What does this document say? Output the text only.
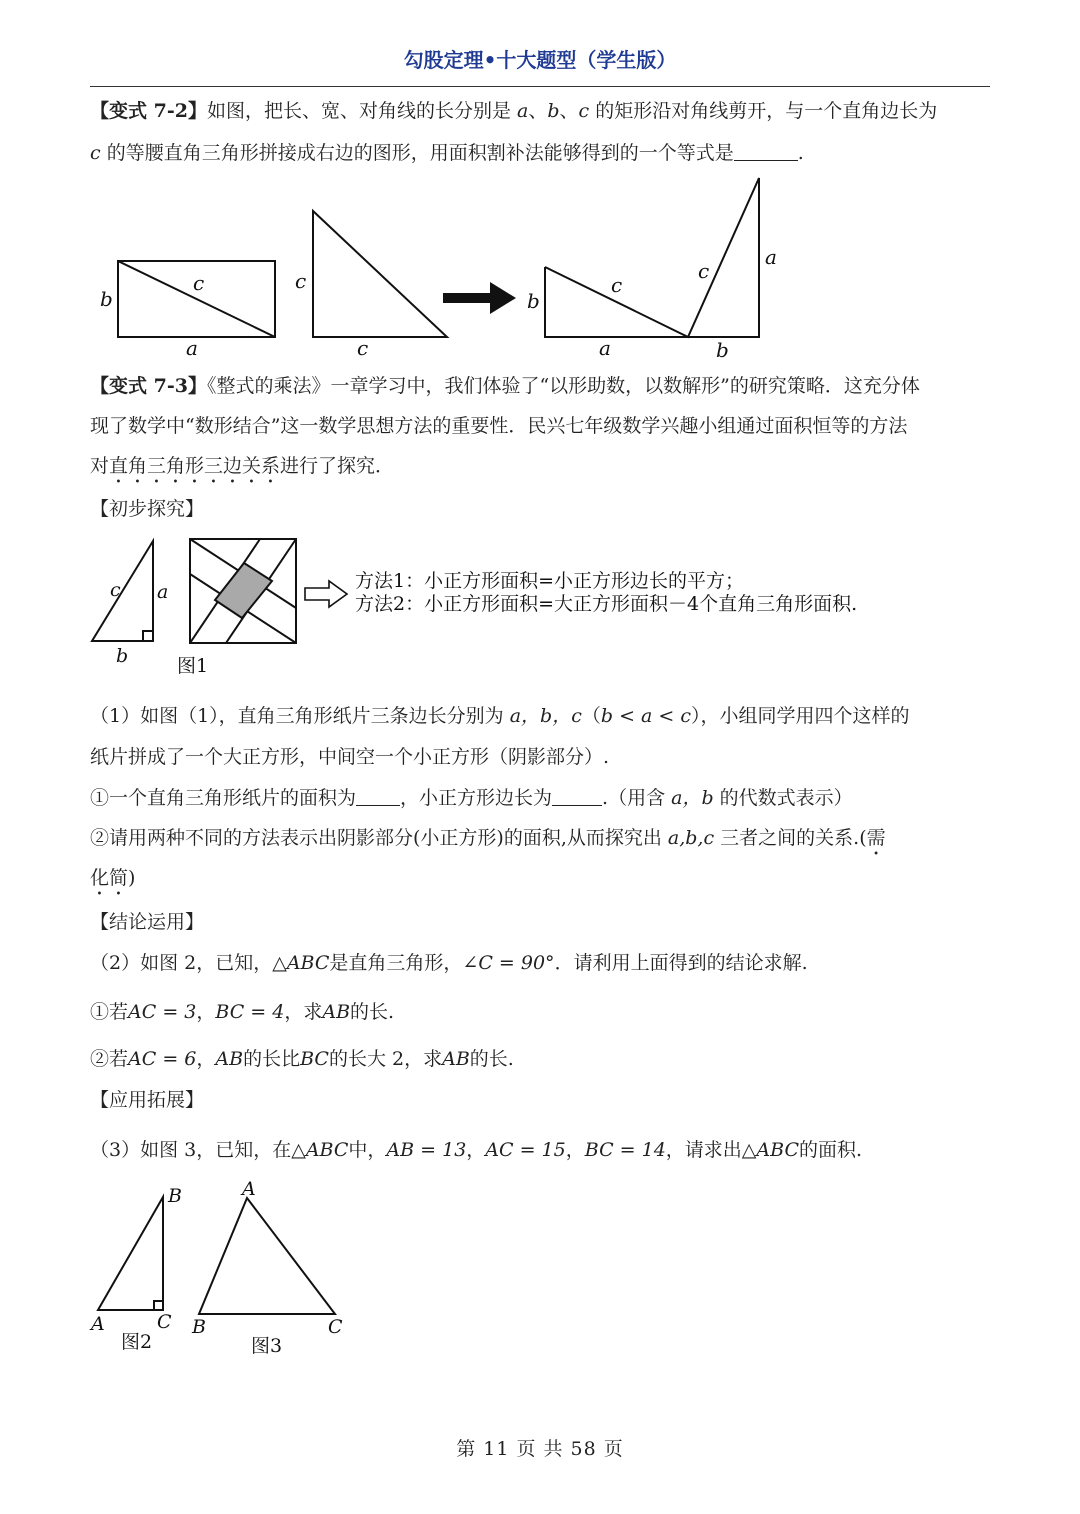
勾股定理•十大题型（学生版）
【变式 7-2】如图，把长、宽、对角线的长分别是 a、b、c 的矩形沿对角线剪开，与一个直角边长为
c 的等腰直角三角形拼接成右边的图形，用面积割补法能够得到的一个等式是	.
b
c
a
c
c
b
c
a
c
a
b
【变式 7-3】《整式的乘法》一章学习中，我们体验了“以形助数，以数解形”的研究策略．这充分体
现了数学中“数形结合”这一数学思想方法的重要性．民兴七年级数学兴趣小组通过面积恒等的方法
对直角三角形三边关系进行了探究．
【初步探究】
c a
b	图1
方法1：小正方形面积=小正方形边长的平方；
方法2：小正方形面积=大正方形面积－4个直角三角形面积.
（1）如图（1），直角三角形纸片三条边长分别为 a，b，c（b < a < c），小组同学用四个这样的
纸片拼成了一个大正方形，中间空一个小正方形（阴影部分）.
①一个直角三角形纸片的面积为 ，小正方形边长为	.（用含 a，b 的代数式表示）
②请用两种不同的方法表示出阴影部分(小正方形)的面积,从而探究出 a,b,c 三者之间的关系.(需
化简)
【结论运用】
（2）如图 2，已知，△ABC是直角三角形，∠C = 90°．请利用上面得到的结论求解.
①若AC = 3，BC = 4，求AB的长.
②若AC = 6，AB的长比BC的长大 2，求AB的长.
【应用拓展】
（3）如图 3，已知，在△ABC中，AB = 13，AC = 15，BC = 14，请求出△ABC的面积.
B
A	C
A
B	C
图2	图3
第 11 页 共 58 页
